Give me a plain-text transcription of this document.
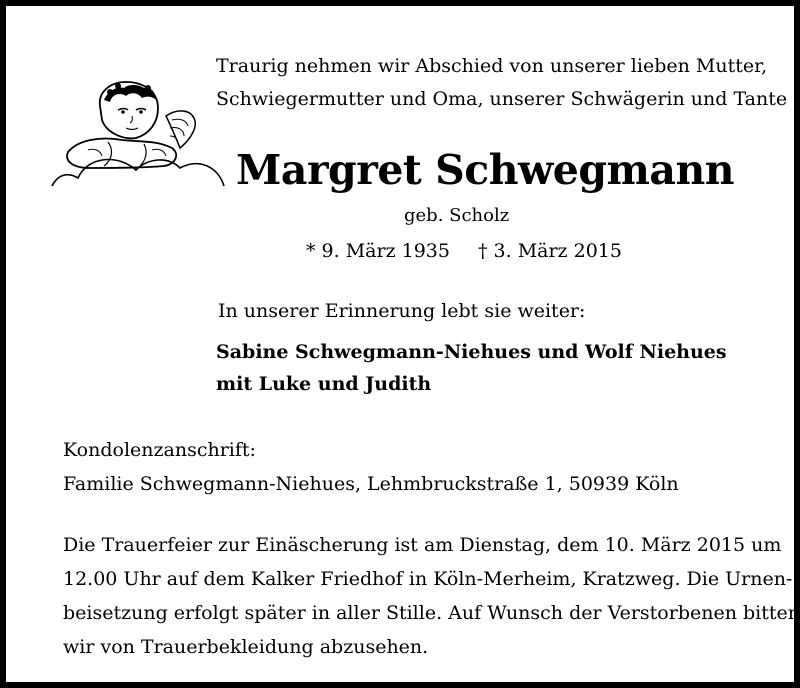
Traurig nehmen wir Abschied von unserer lieben Mutter,
Schwiegermutter und Oma, unserer Schwägerin und Tante
Margret Schwegmann
geb. Scholz
* 9. März 1935 † 3. März 2015
In unserer Erinnerung lebt sie weiter:
Sabine Schwegmann-Niehues und Wolf Niehues
mit Luke und Judith
Kondolenzanschrift:
Familie Schwegmann-Niehues, Lehmbruckstraße 1, 50939 Köln
Die Trauerfeier zur Einäscherung ist am Dienstag, dem 10. März 2015 um
12.00 Uhr auf dem Kalker Friedhof in Köln-Merheim, Kratzweg. Die Urnen-
beisetzung erfolgt später in aller Stille. Auf Wunsch der Verstorbenen bitten
wir von Trauerbekleidung abzusehen.
